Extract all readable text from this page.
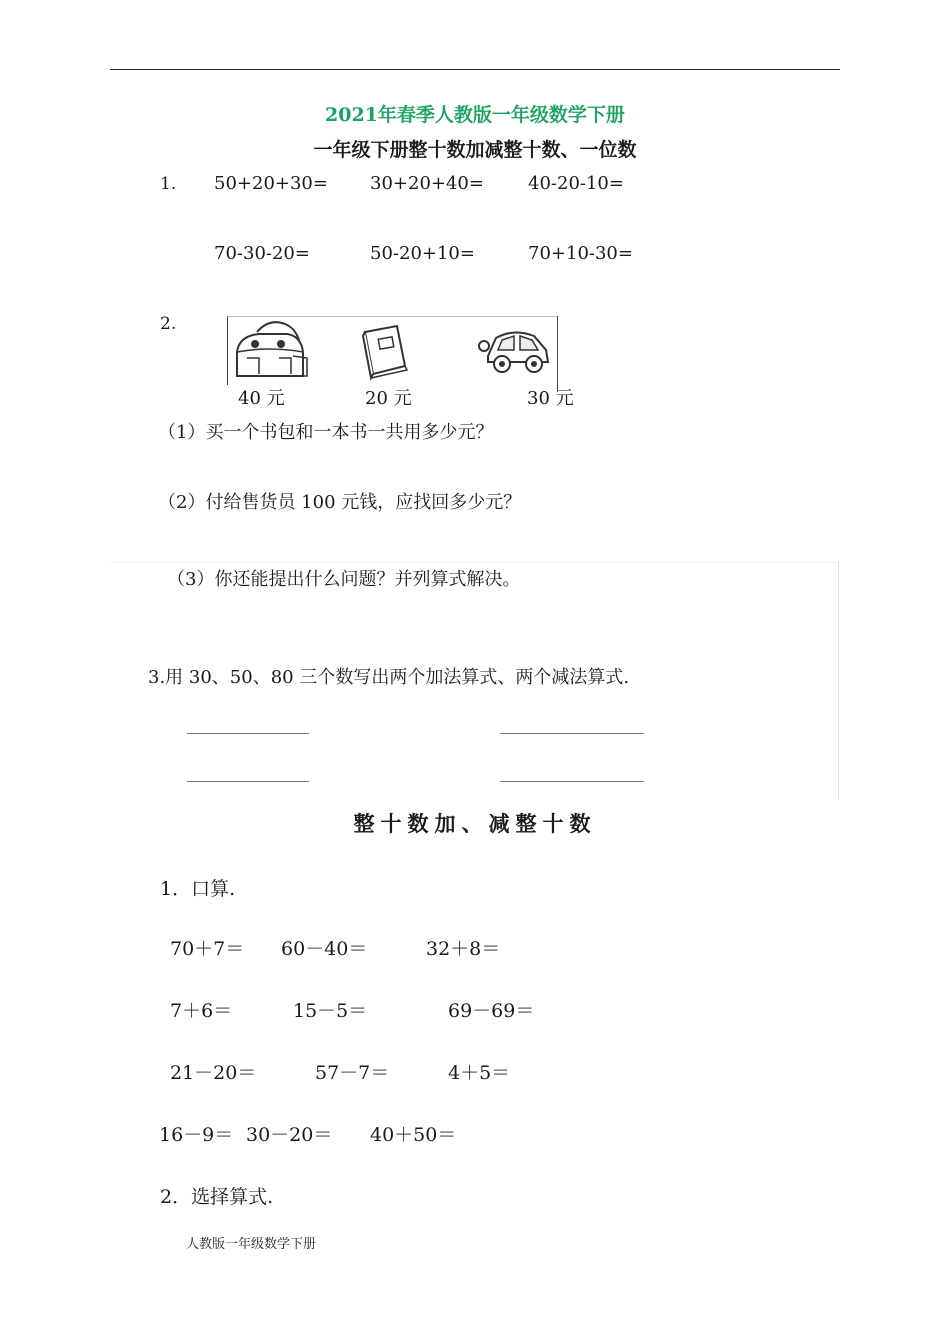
2021年春季人教版一年级数学下册
一年级下册整十数加减整十数、一位数
1. 50+20+30= 30+20+40= 40-20-10=
70-30-20=	50-20+10=	70+10-30=
2.
40 元	20 元	30 元
（1）买一个书包和一本书一共用多少元？
（2）付给售货员 100 元钱，应找回多少元？
（3）你还能提出什么问题？并列算式解决。
3.用 30、50、80 三个数写出两个加法算式、两个减法算式.
整十数加、减整十数
1．口算.
70＋7＝ 60－40＝	32＋8＝
7＋6＝	15－5＝	69－69＝
21－20＝	57－7＝	4＋5＝
16－9＝ 30－20＝ 40＋50＝
2．选择算式.
人教版一年级数学下册
